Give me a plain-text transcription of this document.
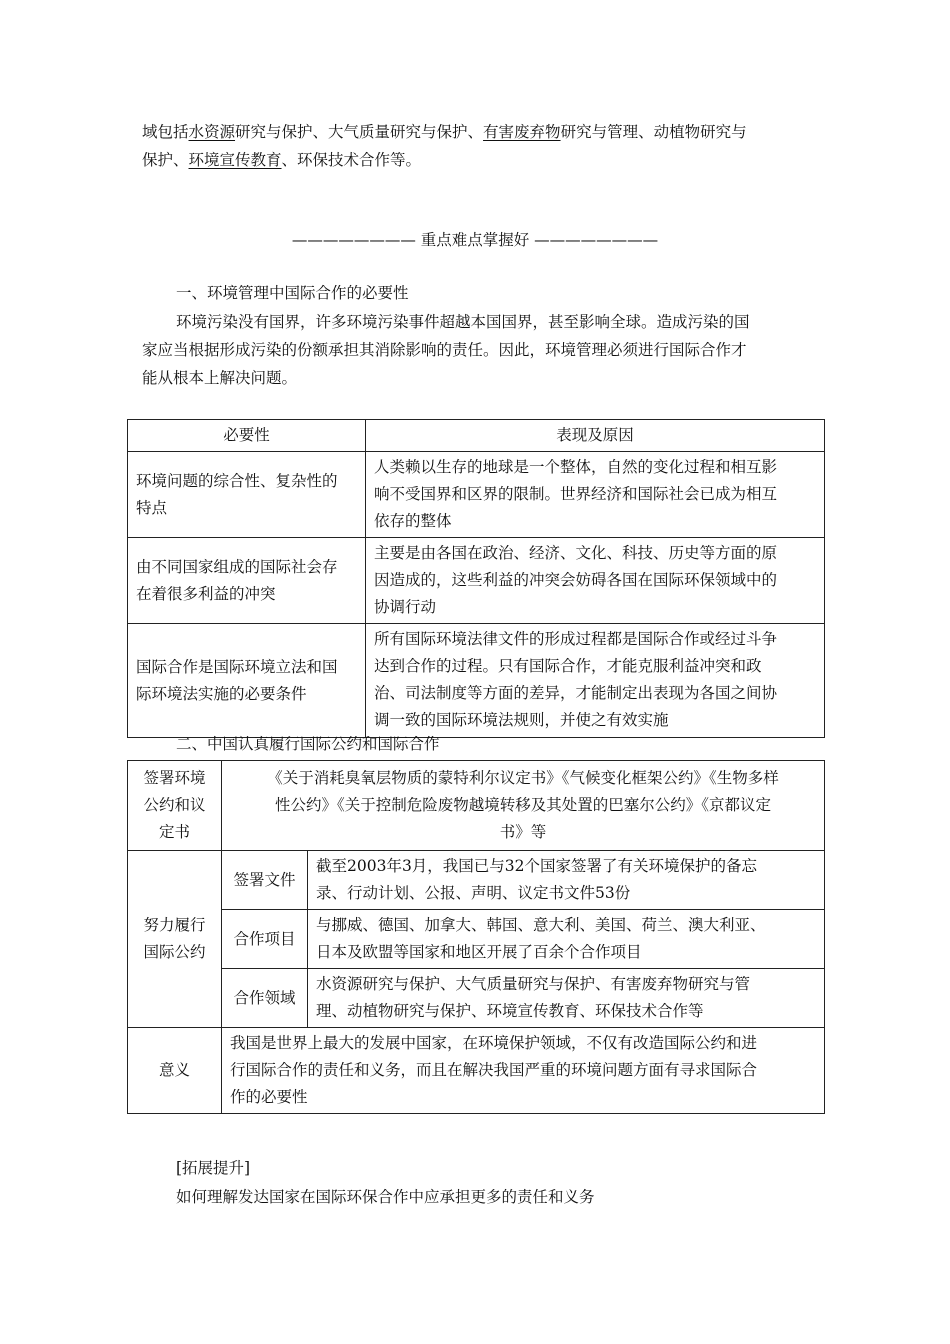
域包括水资源研究与保护、大气质量研究与保护、有害废弃物研究与管理、动植物研究与

保护、环境宣传教育、环保技术合作等。

———————— 重点难点掌握好 ————————

一、环境管理中国际合作的必要性

环境污染没有国界，许多环境污染事件超越本国国界，甚至影响全球。造成污染的国

家应当根据形成污染的份额承担其消除影响的责任。因此，环境管理必须进行国际合作才

能从根本上解决问题。

必要性	表现及原因
环境问题的综合性、复杂性的
特点	人类赖以生存的地球是一个整体，自然的变化过程和相互影
响不受国界和区界的限制。世界经济和国际社会已成为相互
依存的整体
由不同国家组成的国际社会存
在着很多利益的冲突	主要是由各国在政治、经济、文化、科技、历史等方面的原
因造成的，这些利益的冲突会妨碍各国在国际环保领域中的
协调行动
国际合作是国际环境立法和国
际环境法实施的必要条件	所有国际环境法律文件的形成过程都是国际合作或经过斗争
达到合作的过程。只有国际合作，才能克服利益冲突和政
治、司法制度等方面的差异，才能制定出表现为各国之间协
调一致的国际环境法规则，并使之有效实施

二、中国认真履行国际公约和国际合作

签署环境
公约和议
定书	《关于消耗臭氧层物质的蒙特利尔议定书》《气候变化框架公约》《生物多样
性公约》《关于控制危险废物越境转移及其处置的巴塞尔公约》《京都议定
书》等	
努力履行
国际公约	签署文件	截至2003年3月，我国已与32个国家签署了有关环境保护的备忘
录、行动计划、公报、声明、议定书文件53份
	合作项目	与挪威、德国、加拿大、韩国、意大利、美国、荷兰、澳大利亚、
日本及欧盟等国家和地区开展了百余个合作项目
	合作领域	水资源研究与保护、大气质量研究与保护、有害废弃物研究与管
理、动植物研究与保护、环境宣传教育、环保技术合作等
意义	我国是世界上最大的发展中国家，在环境保护领域，不仅有改造国际公约和进
行国际合作的责任和义务，而且在解决我国严重的环境问题方面有寻求国际合
作的必要性	

[拓展提升]

如何理解发达国家在国际环保合作中应承担更多的责任和义务
